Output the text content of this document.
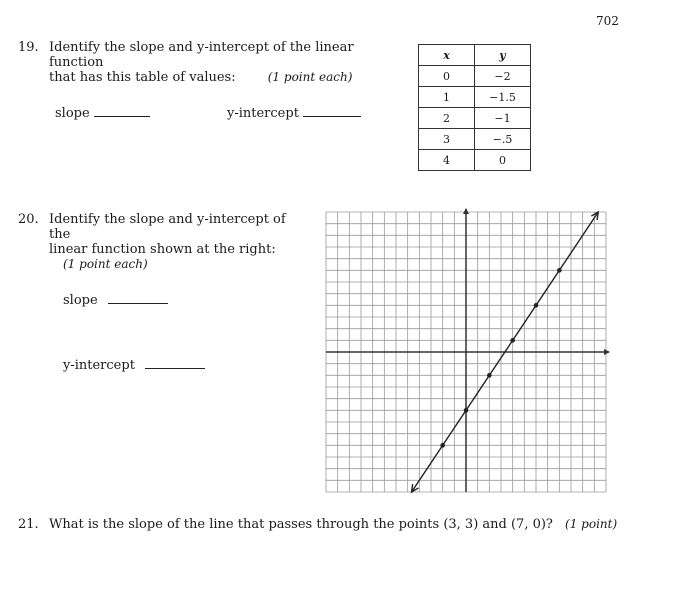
702
19. Identify the slope and y-intercept of the linear function
that has this table of values:	(1 point each)
slope	y-intercept
x	y
0	−2
1	−1.5
2	−1
3	−.5
4	0
20. Identify the slope and y-intercept of the
linear function shown at the right:
(1 point each)
slope
y-intercept
21. What is the slope of the line that passes through the points (3, 3) and (7, 0)? (1 point)
